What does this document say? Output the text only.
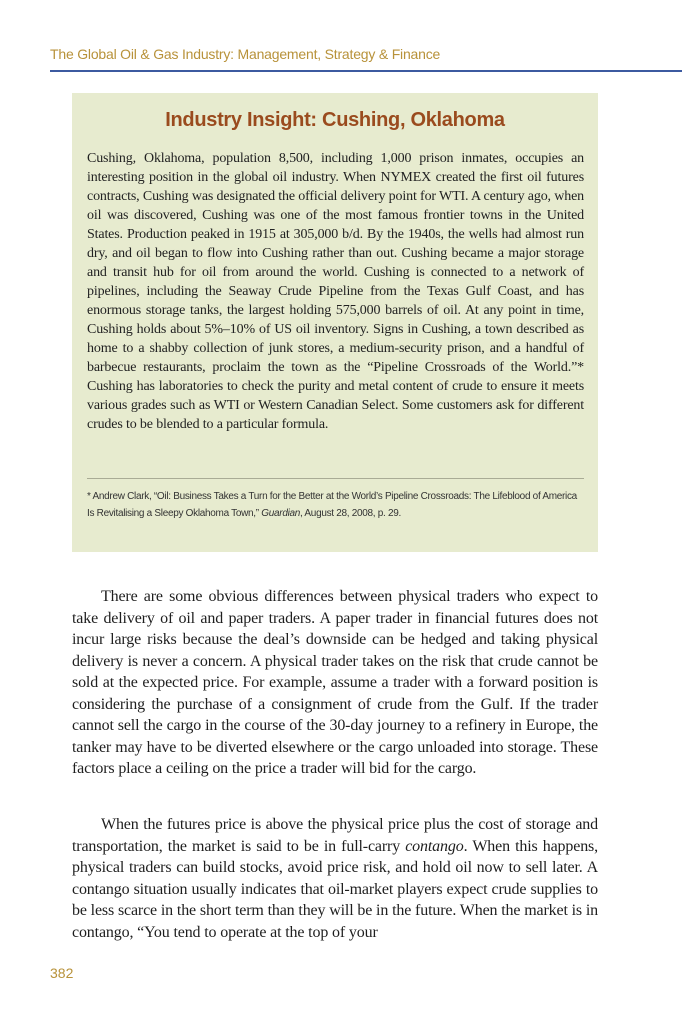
The Global Oil & Gas Industry: Management, Strategy & Finance
Industry Insight: Cushing, Oklahoma

Cushing, Oklahoma, population 8,500, including 1,000 prison inmates, occupies an interesting position in the global oil industry. When NYMEX created the first oil futures contracts, Cushing was designated the official delivery point for WTI. A century ago, when oil was discovered, Cushing was one of the most famous frontier towns in the United States. Production peaked in 1915 at 305,000 b/d. By the 1940s, the wells had almost run dry, and oil began to flow into Cushing rather than out. Cushing became a major storage and transit hub for oil from around the world. Cushing is connected to a network of pipelines, including the Seaway Crude Pipeline from the Texas Gulf Coast, and has enormous storage tanks, the largest holding 575,000 barrels of oil. At any point in time, Cushing holds about 5%–10% of US oil inventory. Signs in Cushing, a town described as home to a shabby collection of junk stores, a medium-security prison, and a handful of barbecue restaurants, proclaim the town as the “Pipeline Crossroads of the World.”* Cushing has laboratories to check the purity and metal content of crude to ensure it meets various grades such as WTI or Western Canadian Select. Some customers ask for different crudes to be blended to a particular formula.

* Andrew Clark, “Oil: Business Takes a Turn for the Better at the World’s Pipeline Crossroads: The Lifeblood of America Is Revitalising a Sleepy Oklahoma Town,” Guardian, August 28, 2008, p. 29.

There are some obvious differences between physical traders who expect to take delivery of oil and paper traders. A paper trader in financial futures does not incur large risks because the deal’s downside can be hedged and taking physical delivery is never a concern. A physical trader takes on the risk that crude cannot be sold at the expected price. For example, assume a trader with a forward position is considering the purchase of a consignment of crude from the Gulf. If the trader cannot sell the cargo in the course of the 30-day journey to a refinery in Europe, the tanker may have to be diverted elsewhere or the cargo unloaded into storage. These factors place a ceiling on the price a trader will bid for the cargo.

When the futures price is above the physical price plus the cost of storage and transportation, the market is said to be in full-carry contango. When this happens, physical traders can build stocks, avoid price risk, and hold oil now to sell later. A contango situation usually indicates that oil-market players expect crude supplies to be less scarce in the short term than they will be in the future. When the market is in contango, “You tend to operate at the top of your

382
